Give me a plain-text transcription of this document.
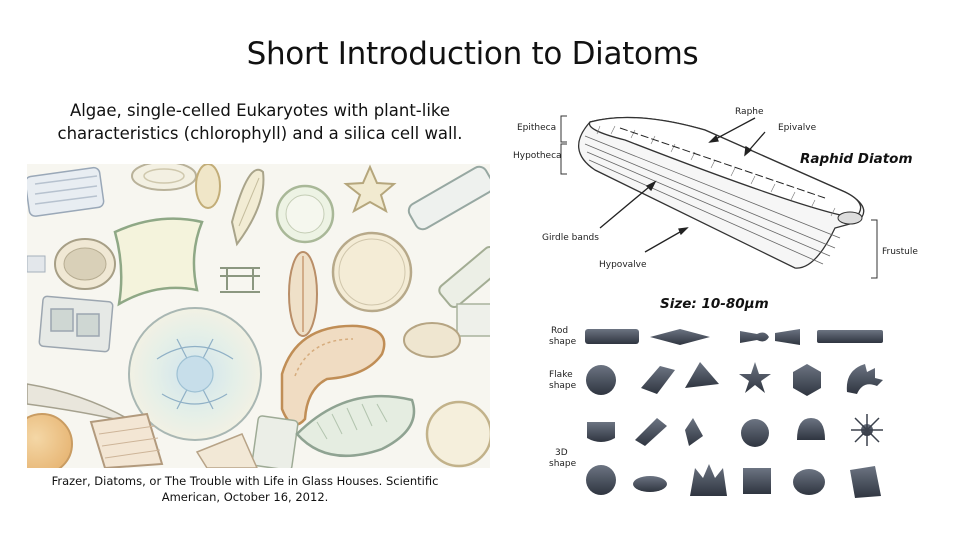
Short Introduction to Diatoms
Algae, single-celled Eukaryotes with plant-like
characteristics (chlorophyll) and a silica cell wall.
Frazer, Diatoms, or The Trouble with Life in Glass Houses. Scientific
American, October 16, 2012.
Raphe
Epitheca	Epivalve
Hypotheca
Girdle bands
Hypovalve
Frustule
Raphid Diatom
Size: 10-80µm
Rod
shape
Flake
shape
3D
shape
